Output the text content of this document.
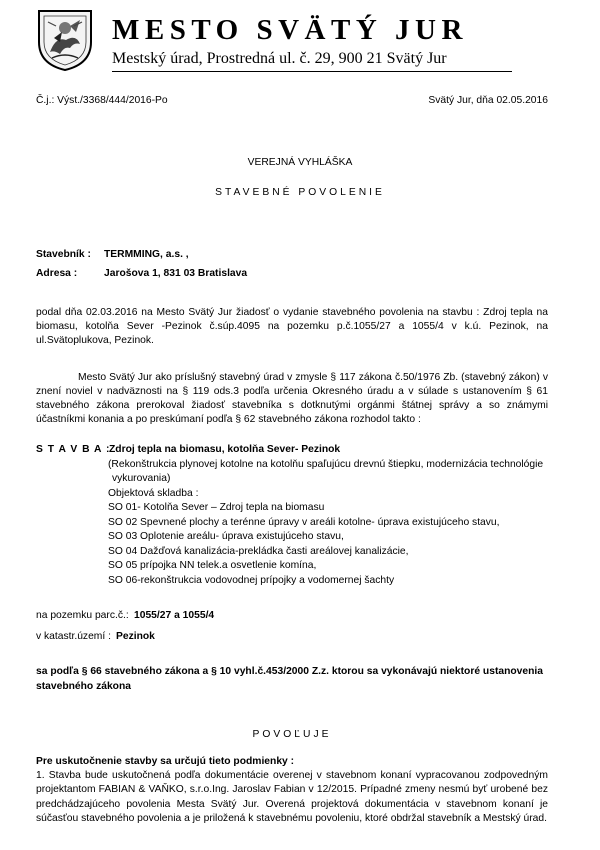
MESTO SVÄTÝ JUR
Mestský úrad, Prostredná ul. č. 29, 900 21 Svätý Jur
Č.j.: Výst./3368/444/2016-Po	Svätý Jur, dňa 02.05.2016
VEREJNÁ VYHLÁŠKA
STAVEBNÉ POVOLENIE
Stavebník : TERMMING, a.s. ,
Adresa :	Jarošova 1, 831 03 Bratislava
podal dňa 02.03.2016 na Mesto Svätý Jur žiadosť o vydanie stavebného povolenia na stavbu : Zdroj tepla na
biomasu, kotolňa Sever -Pezinok č.súp.4095 na pozemku p.č.1055/27 a 1055/4 v k.ú. Pezinok, na
ul.Svätoplukova, Pezinok.
Mesto Svätý Jur ako príslušný stavebný úrad v zmysle § 117 zákona č.50/1976 Zb. (stavebný zákon) v
znení noviel v nadväznosti na § 119 ods.3 podľa určenia Okresného úradu a v súlade s ustanovením § 61
stavebného zákona prerokoval žiadosť stavebníka s dotknutými orgánmi štátnej správy a so známymi
účastníkmi konania a po preskúmaní podľa § 62 stavebného zákona rozhodol takto :
S T A V B A :
Zdroj tepla na biomasu, kotolňa Sever- Pezinok
(Rekonštrukcia plynovej kotolne na kotolňu spaľujúcu drevnú štiepku, modernizácia technológie
vykurovania)
Objektová skladba :
SO 01- Kotolňa Sever – Zdroj tepla na biomasu
SO 02 Spevnené plochy a terénne úpravy v areáli kotolne- úprava existujúceho stavu,
SO 03 Oplotenie areálu- úprava existujúceho stavu,
SO 04 Dažďová kanalizácia-prekládka časti areálovej kanalizácie,
SO 05 prípojka NN telek.a osvetlenie komína,
SO 06-rekonštrukcia vodovodnej prípojky a vodomernej šachty
na pozemku parc.č.: 1055/27 a 1055/4
v katastr.území : Pezinok
sa podľa § 66 stavebného zákona a § 10 vyhl.č.453/2000 Z.z. ktorou sa vykonávajú niektoré ustanovenia
stavebného zákona
POVOĽUJE
Pre uskutočnenie stavby sa určujú tieto podmienky :
1. Stavba bude uskutočnená podľa dokumentácie overenej v stavebnom konaní vypracovanou zodpovedným
projektantom FABIAN & VAŇKO, s.r.o.Ing. Jaroslav Fabian v 12/2015. Prípadné zmeny nesmú byť urobené bez
predchádzajúceho povolenia Mesta Svätý Jur. Overená projektová dokumentácia v stavebnom konaní je
súčasťou stavebného povolenia a je priložená k stavebnému povoleniu, ktoré obdržal stavebník a Mestský úrad.
